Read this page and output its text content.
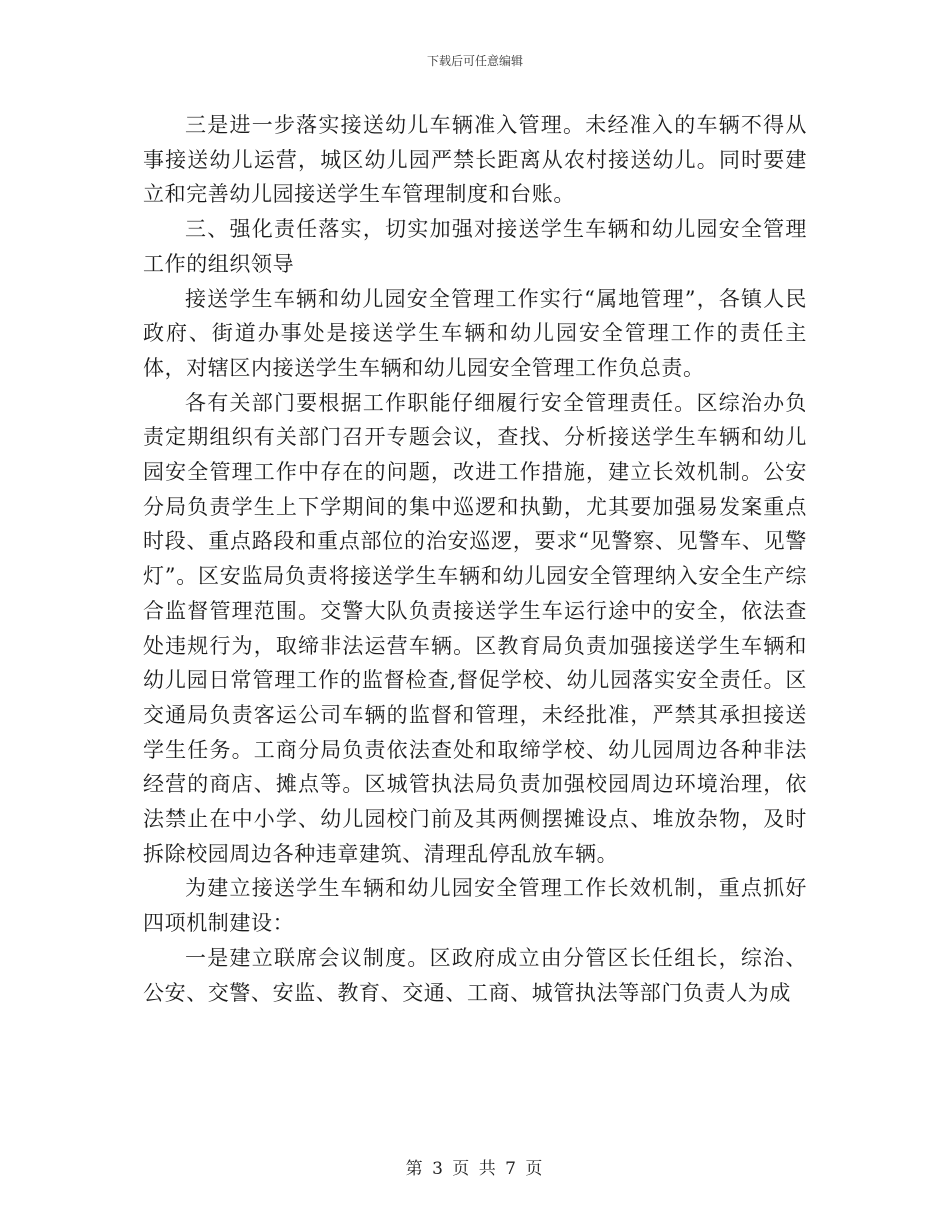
下载后可任意编辑

三是进一步落实接送幼儿车辆准入管理。未经准入的车辆不得从事接送幼儿运营，城区幼儿园严禁长距离从农村接送幼儿。同时要建立和完善幼儿园接送学生车管理制度和台账。

三、强化责任落实，切实加强对接送学生车辆和幼儿园安全管理工作的组织领导

接送学生车辆和幼儿园安全管理工作实行“属地管理”，各镇人民政府、街道办事处是接送学生车辆和幼儿园安全管理工作的责任主体，对辖区内接送学生车辆和幼儿园安全管理工作负总责。

各有关部门要根据工作职能仔细履行安全管理责任。区综治办负责定期组织有关部门召开专题会议，查找、分析接送学生车辆和幼儿园安全管理工作中存在的问题，改进工作措施，建立长效机制。公安分局负责学生上下学期间的集中巡逻和执勤，尤其要加强易发案重点时段、重点路段和重点部位的治安巡逻，要求“见警察、见警车、见警灯”。区安监局负责将接送学生车辆和幼儿园安全管理纳入安全生产综合监督管理范围。交警大队负责接送学生车运行途中的安全，依法查处违规行为，取缔非法运营车辆。区教育局负责加强接送学生车辆和幼儿园日常管理工作的监督检查,督促学校、幼儿园落实安全责任。区交通局负责客运公司车辆的监督和管理，未经批准，严禁其承担接送学生任务。工商分局负责依法查处和取缔学校、幼儿园周边各种非法经营的商店、摊点等。区城管执法局负责加强校园周边环境治理，依法禁止在中小学、幼儿园校门前及其两侧摆摊设点、堆放杂物，及时拆除校园周边各种违章建筑、清理乱停乱放车辆。

为建立接送学生车辆和幼儿园安全管理工作长效机制，重点抓好四项机制建设：

一是建立联席会议制度。区政府成立由分管区长任组长，综治、公安、交警、安监、教育、交通、工商、城管执法等部门负责人为成

第 3 页 共 7 页
